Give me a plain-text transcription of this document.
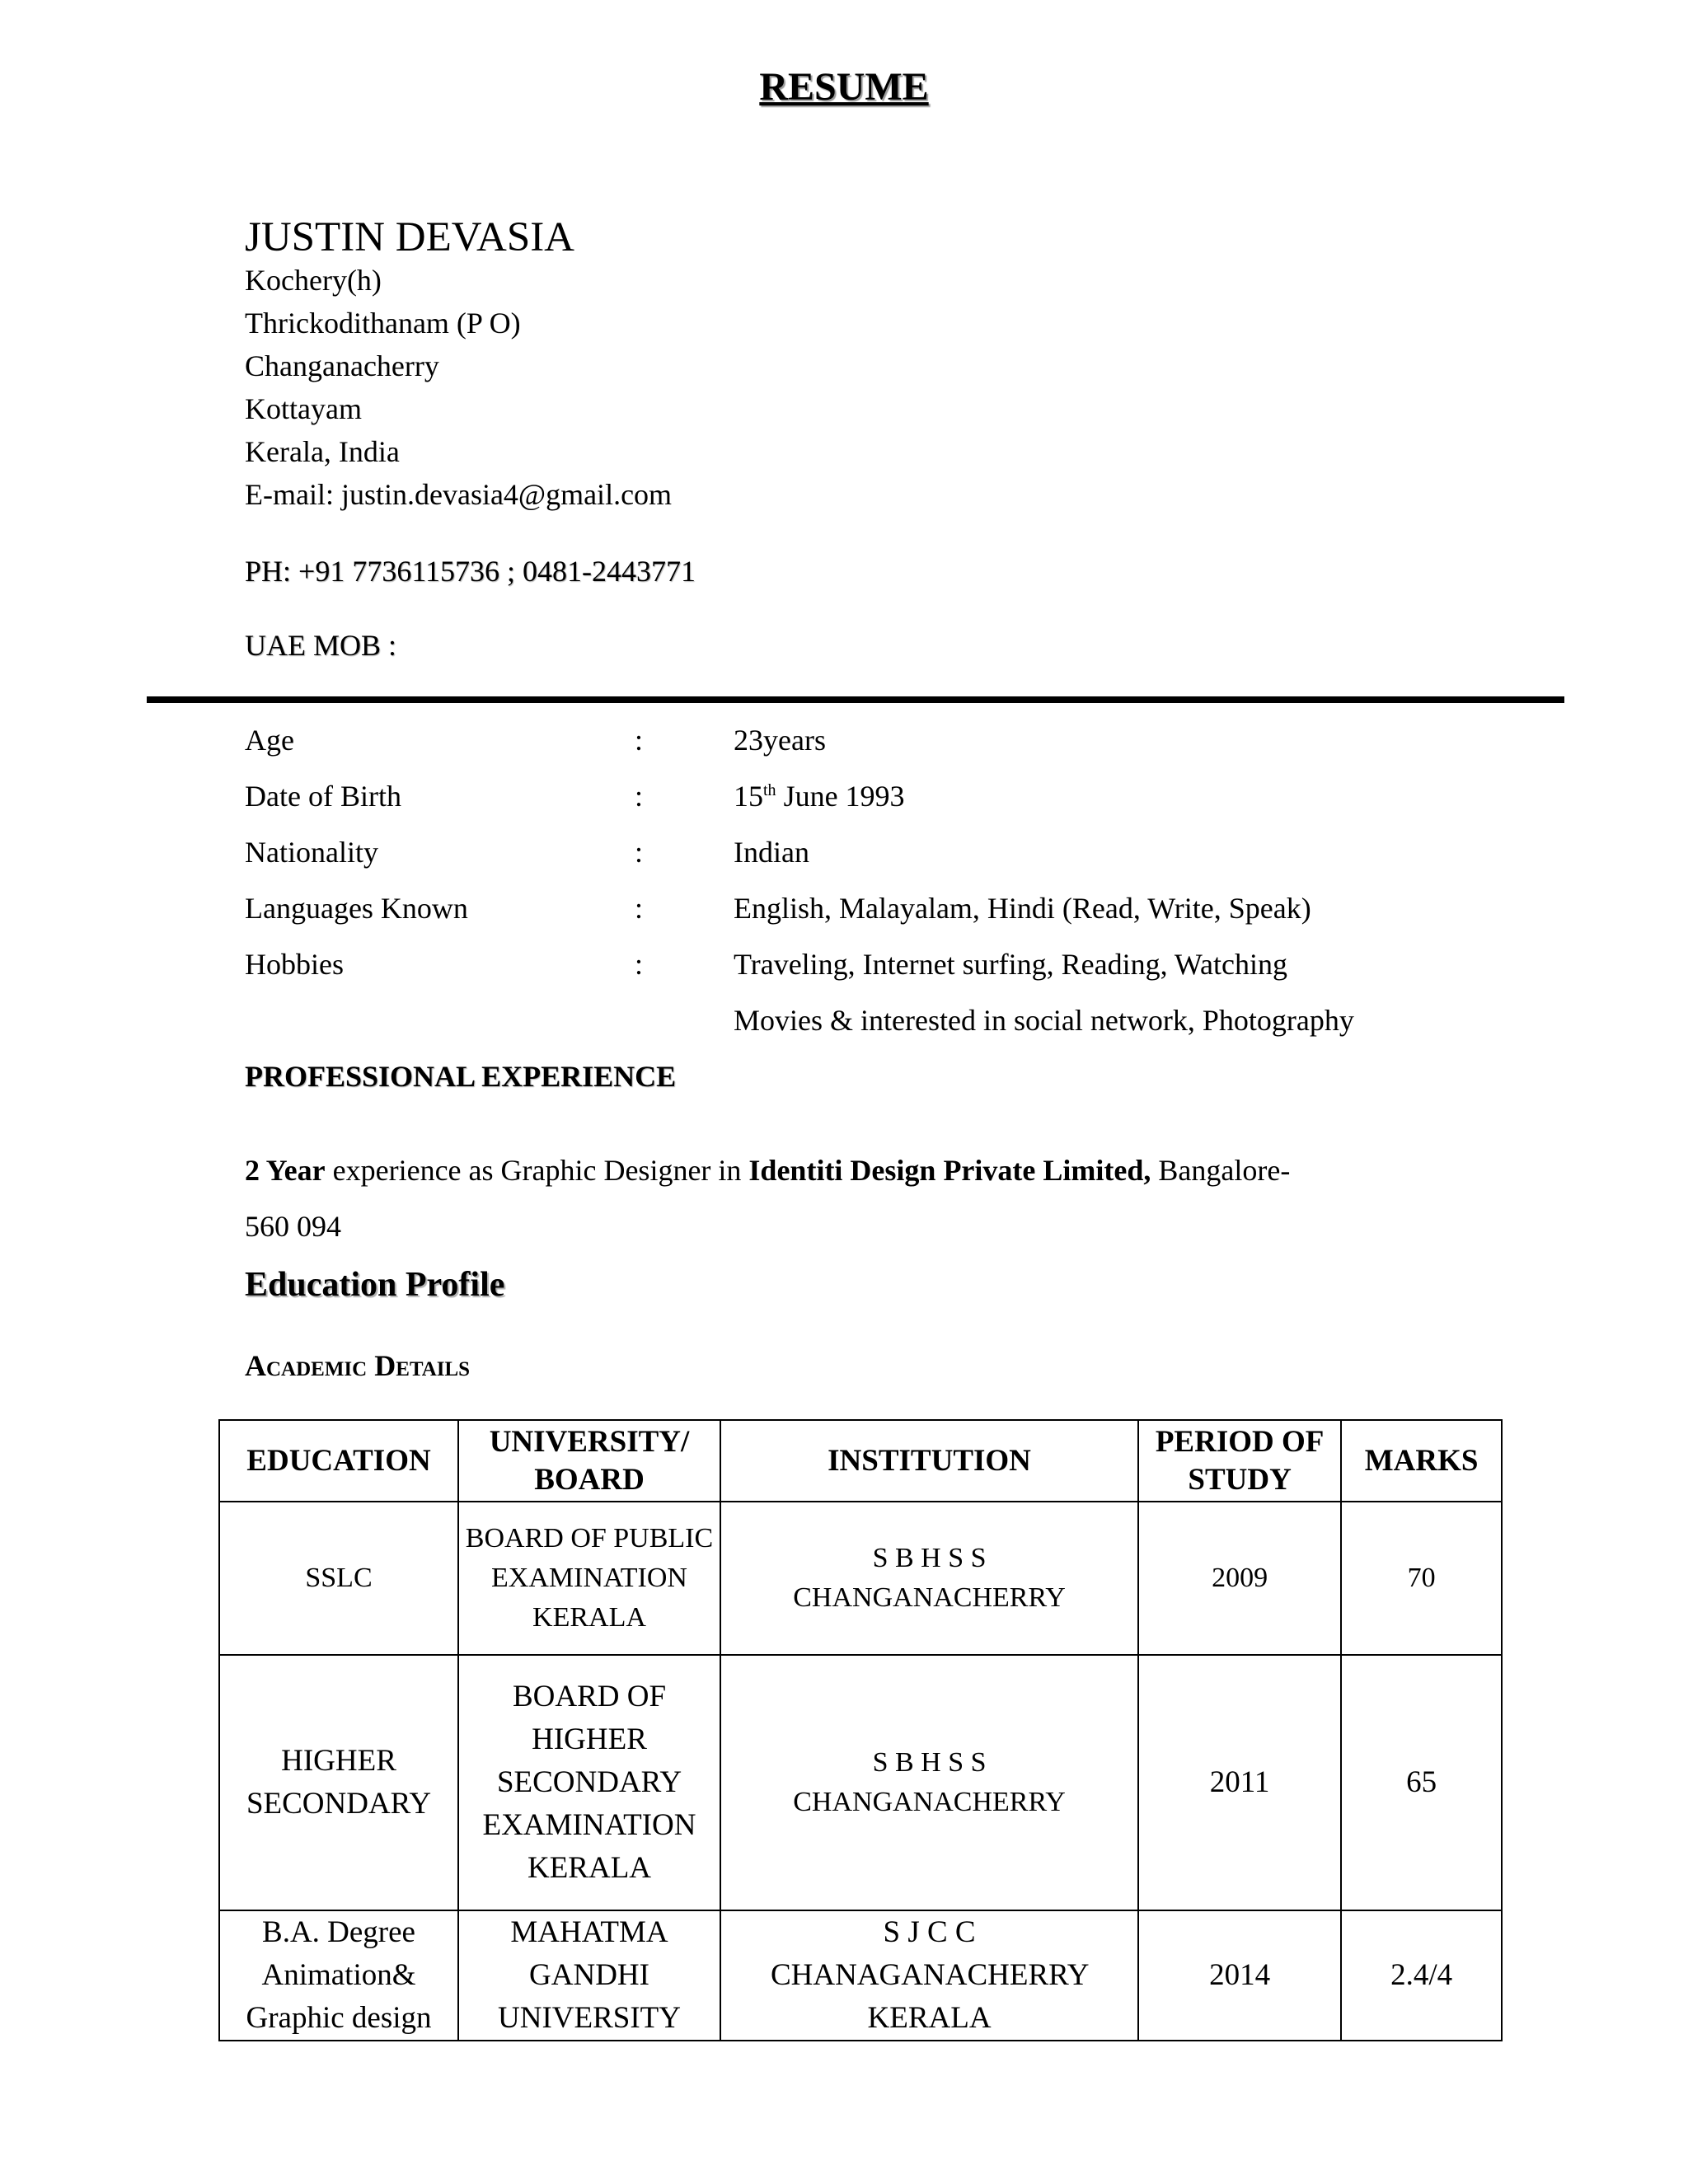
RESUME
JUSTIN DEVASIA
Kochery(h)
Thrickodithanam (P O)
Changanacherry
Kottayam
Kerala, India
E-mail: justin.devasia4@gmail.com
PH: +91 7736115736 ; 0481-2443771
UAE MOB :
Age	:	23years
Date of Birth	:	15th June 1993
Nationality	:	Indian
Languages Known	:	English, Malayalam, Hindi (Read, Write, Speak)
Hobbies	:	Traveling, Internet surfing, Reading, Watching
Movies & interested in social network, Photography
PROFESSIONAL EXPERIENCE
2 Year experience as Graphic Designer in Identiti Design Private Limited, Bangalore-
560 094
Education Profile
Academic Details
EDUCATION	UNIVERSITY/ BOARD	INSTITUTION	PERIOD OF STUDY	MARKS
SSLC	BOARD OF PUBLIC EXAMINATION KERALA	S B H S S CHANGANACHERRY	2009	70
HIGHER SECONDARY	BOARD OF HIGHER SECONDARY EXAMINATION KERALA	S B H S S CHANGANACHERRY	2011	65
B.A. Degree Animation& Graphic design	MAHATMA GANDHI UNIVERSITY	S J C C CHANAGANACHERRY KERALA	2014	2.4/4
